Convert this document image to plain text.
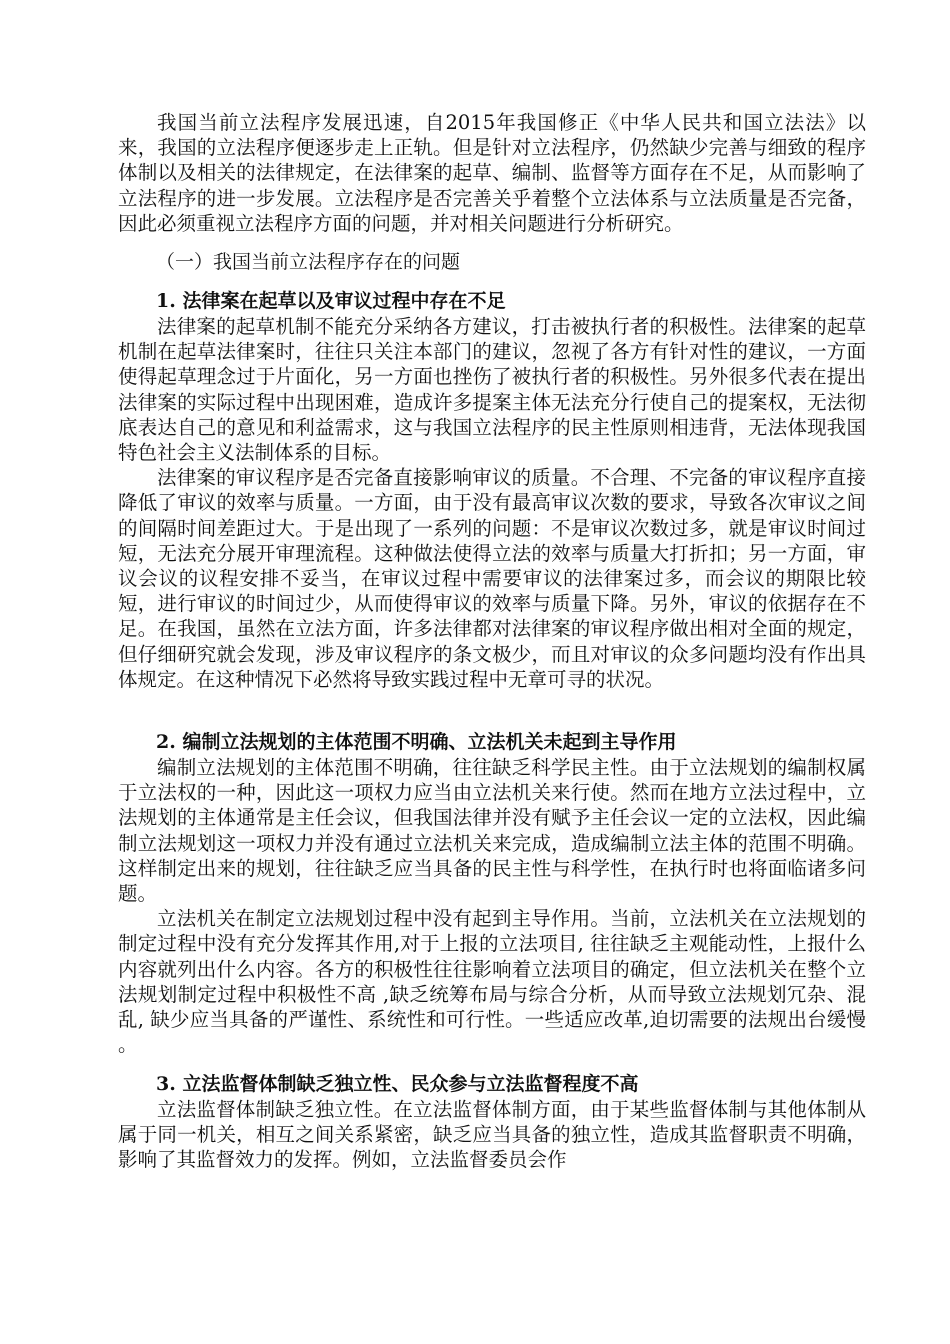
我国当前立法程序发展迅速，自2015年我国修正《中华人民共和国立法法》以来，我国的立法程序便逐步走上正轨。但是针对立法程序，仍然缺少完善与细致的程序体制以及相关的法律规定，在法律案的起草、编制、监督等方面存在不足，从而影响了立法程序的进一步发展。立法程序是否完善关乎着整个立法体系与立法质量是否完备，因此必须重视立法程序方面的问题，并对相关问题进行分析研究。

（一）我国当前立法程序存在的问题
1. 法律案在起草以及审议过程中存在不足

法律案的起草机制不能充分采纳各方建议，打击被执行者的积极性。法律案的起草机制在起草法律案时，往往只关注本部门的建议，忽视了各方有针对性的建议，一方面使得起草理念过于片面化，另一方面也挫伤了被执行者的积极性。另外很多代表在提出法律案的实际过程中出现困难，造成许多提案主体无法充分行使自己的提案权，无法彻底表达自己的意见和利益需求，这与我国立法程序的民主性原则相违背，无法体现我国特色社会主义法制体系的目标。

法律案的审议程序是否完备直接影响审议的质量。不合理、不完备的审议程序直接降低了审议的效率与质量。一方面，由于没有最高审议次数的要求，导致各次审议之间的间隔时间差距过大。于是出现了一系列的问题：不是审议次数过多，就是审议时间过短，无法充分展开审理流程。这种做法使得立法的效率与质量大打折扣；另一方面，审议会议的议程安排不妥当，在审议过程中需要审议的法律案过多，而会议的期限比较短，进行审议的时间过少，从而使得审议的效率与质量下降。另外，审议的依据存在不足。在我国，虽然在立法方面，许多法律都对法律案的审议程序做出相对全面的规定，但仔细研究就会发现，涉及审议程序的条文极少，而且对审议的众多问题均没有作出具体规定。在这种情况下必然将导致实践过程中无章可寻的状况。

2. 编制立法规划的主体范围不明确、立法机关未起到主导作用

编制立法规划的主体范围不明确，往往缺乏科学民主性。由于立法规划的编制权属于立法权的一种，因此这一项权力应当由立法机关来行使。然而在地方立法过程中，立法规划的主体通常是主任会议，但我国法律并没有赋予主任会议一定的立法权，因此编制立法规划这一项权力并没有通过立法机关来完成，造成编制立法主体的范围不明确。这样制定出来的规划，往往缺乏应当具备的民主性与科学性，在执行时也将面临诸多问题。

立法机关在制定立法规划过程中没有起到主导作用。当前，立法机关在立法规划的制定过程中没有充分发挥其作用,对于上报的立法项目, 往往缺乏主观能动性，上报什么内容就列出什么内容。各方的积极性往往影响着立法项目的确定，但立法机关在整个立法规划制定过程中积极性不高 ,缺乏统筹布局与综合分析，从而导致立法规划冗杂、混乱, 缺少应当具备的严谨性、系统性和可行性。一些适应改革,迫切需要的法规出台缓慢 。

3. 立法监督体制缺乏独立性、民众参与立法监督程度不高

立法监督体制缺乏独立性。在立法监督体制方面，由于某些监督体制与其他体制从属于同一机关，相互之间关系紧密，缺乏应当具备的独立性，造成其监督职责不明确，影响了其监督效力的发挥。例如，立法监督委员会作
